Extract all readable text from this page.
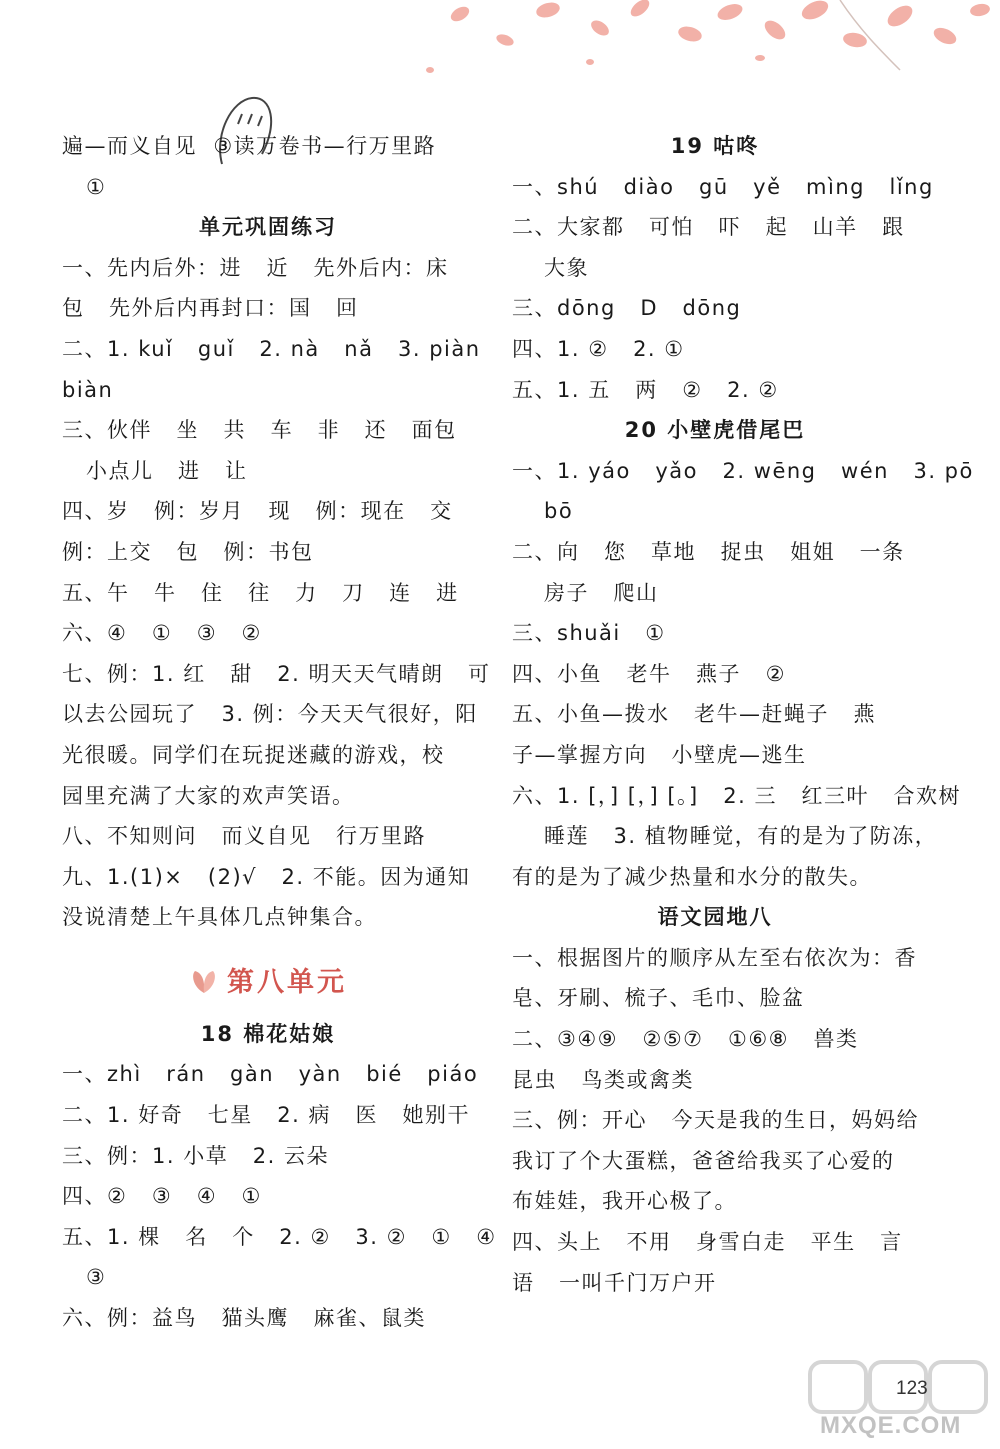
遍—而义自见  ③读万卷书—行万里路
①
单元巩固练习
一、先内后外：进   近   先外后内：床
包   先外后内再封口：国   回
二、1. kuǐ   guǐ   2. nà   nǎ   3. piàn
biàn
三、伙伴   坐   共   车   非   还   面包
小点儿   进   让
四、岁   例：岁月   现   例：现在   交
例：上交   包   例：书包
五、午   牛   住   往   力   刀   连   进
六、④   ①   ③   ②
七、例：1. 红   甜   2. 明天天气晴朗   可
以去公园玩了   3. 例：今天天气很好，阳
光很暖。同学们在玩捉迷藏的游戏，校
园里充满了大家的欢声笑语。
八、不知则问   而义自见   行万里路
九、1.(1)×   (2)√   2. 不能。因为通知
没说清楚上午具体几点钟集合。
第八单元
18 棉花姑娘
一、zhì   rán   gàn   yàn   bié   piáo
二、1. 好奇   七星   2. 病   医   她别干
三、例：1. 小草   2. 云朵
四、②   ③   ④   ①
五、1. 棵   名   个   2. ②   3. ②   ①   ④
③
六、例：益鸟   猫头鹰   麻雀、鼠类
19 咕咚
一、shú   diào   gū   yě   mìng   lǐng
二、大家都   可怕   吓   起   山羊   跟
大象
三、dōng   D   dōng
四、1. ②   2. ①
五、1. 五   两   ②   2. ②
20 小壁虎借尾巴
一、1. yáo   yǎo   2. wēng   wén   3. pō
bō
二、向   您   草地   捉虫   姐姐   一条
房子   爬山
三、shuǎi   ①
四、小鱼   老牛   燕子   ②
五、小鱼—拨水   老牛—赶蝇子   燕
子—掌握方向   小壁虎—逃生
六、1. [，] [，] [。]   2. 三   红三叶   合欢树
睡莲   3. 植物睡觉，有的是为了防冻，
有的是为了减少热量和水分的散失。
语文园地八
一、根据图片的顺序从左至右依次为：香
皂、牙刷、梳子、毛巾、脸盆
二、③④⑨   ②⑤⑦   ①⑥⑧   兽类
昆虫   鸟类或禽类
三、例：开心   今天是我的生日，妈妈给
我订了个大蛋糕，爸爸给我买了心爱的
布娃娃，我开心极了。
四、头上   不用   身雪白走   平生   言
语   一叫千门万户开
123
MXQE.COM
